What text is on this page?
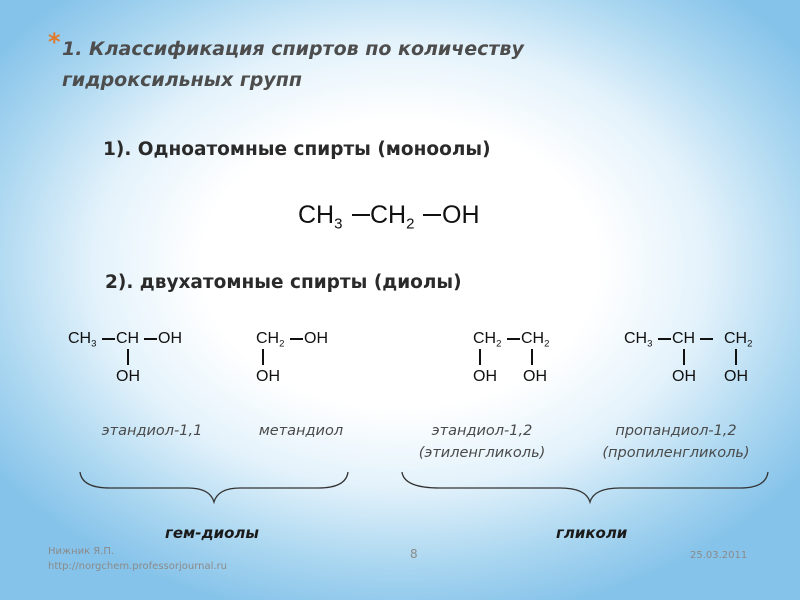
* 1. Классификация спиртов по количеству гидроксильных групп
1). Одноатомные спирты (моноолы)
$CH_3$ $CH_2$ OH
2). двухатомные спирты (диолы)
$CH_3$ CH OH
OH
$CH_2$ OH
OH
$CH_2$ $CH_2$
OH OH
$CH_3$ CH $CH_2$
OH OH
этандиол-1,1	метандиол	этандиол-1,2
(этиленгликоль)
пропандиол-1,2
(пропиленгликоль)
гем-диолы	гликоли
Нижник Я.П.
http://norgchem.professorjournal.ru
8	25.03.2011
